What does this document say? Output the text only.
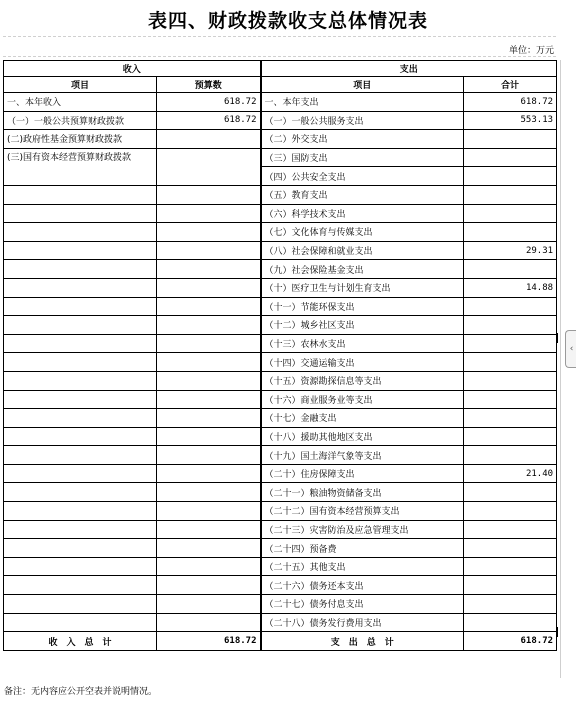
表四、财政拨款收支总体情况表
单位：万元
收入		支出	
项目	预算数	项目	合计
一、本年收入	618.72	一、本年支出	618.72
（一）一般公共预算财政拨款	618.72	（一）一般公共服务支出	553.13
(二)政府性基金预算财政拨款		（二）外交支出	
(三)国有资本经营预算财政拨款		（三）国防支出	
		（四）公共安全支出	
		（五）教育支出	
		（六）科学技术支出	
		（七）文化体育与传媒支出	
		（八）社会保障和就业支出	29.31
		（九）社会保险基金支出	
		（十）医疗卫生与计划生育支出	14.88
		（十一）节能环保支出	
		（十二）城乡社区支出	
		（十三）农林水支出	
		（十四）交通运输支出	
		（十五）资源勘探信息等支出	
		（十六）商业服务业等支出	
		（十七）金融支出	
		（十八）援助其他地区支出	
		（十九）国土海洋气象等支出	
		（二十）住房保障支出	21.40
		（二十一）粮油物资储备支出	
		（二十二）国有资本经营预算支出	
		（二十三）灾害防治及应急管理支出	
		（二十四）预备费	
		（二十五）其他支出	
		（二十六）债务还本支出	
		（二十七）债务付息支出	
		（二十八）债务发行费用支出	
收　入　总　计	618.72	支　出　总　计	618.72
‹
备注：无内容应公开空表并说明情况。
